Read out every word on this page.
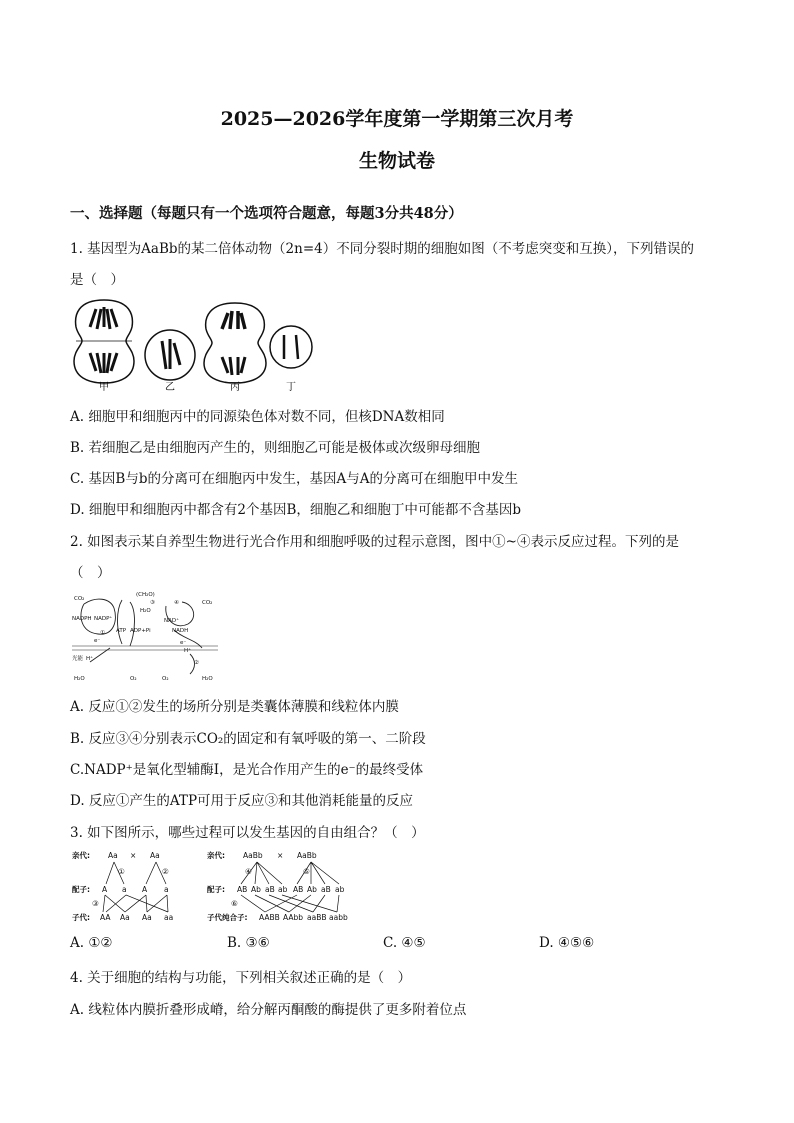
2025—2026学年度第一学期第三次月考
生物试卷
一、选择题（每题只有一个选项符合题意，每题3分共48分）
1. 基因型为AaBb的某二倍体动物（2n=4）不同分裂时期的细胞如图（不考虑突变和互换），下列错误的
是（　）
甲	乙	丙	丁
A. 细胞甲和细胞丙中的同源染色体对数不同，但核DNA数相同
B. 若细胞乙是由细胞丙产生的，则细胞乙可能是极体或次级卵母细胞
C. 基因B与b的分离可在细胞丙中发生，基因A与A的分离可在细胞甲中发生
D. 细胞甲和细胞丙中都含有2个基因B，细胞乙和细胞丁中可能都不含基因b
2. 如图表示某自养型生物进行光合作用和细胞呼吸的过程示意图，图中①~④表示反应过程。下列的是
（　）
CO₂
(CH₂O)
H₂O
③	④	CO₂
NADPH NADP⁺
ATP ADP+Pi
NAD⁺
NADH
e⁻
①
光能 H⁺
H⁺
e⁻
②
H₂O	O₂	O₂	H₂O
A. 反应①②发生的场所分别是类囊体薄膜和线粒体内膜
B. 反应③④分别表示CO₂的固定和有氧呼吸的第一、二阶段
C.NADP⁺是氧化型辅酶Ⅰ，是光合作用产生的e⁻的最终受体
D. 反应①产生的ATP可用于反应③和其他消耗能量的反应
3. 如下图所示，哪些过程可以发生基因的自由组合？（　）
亲代: Aa × Aa
①	②
配子: A a A a
③
子代: AA Aa Aa aa
亲代: AaBb × AaBb
④	⑤
配子: AB Ab aB ab AB Ab aB ab
⑥
子代纯合子: AABB AAbb aaBB aabb
A. ①②	B. ③⑥	C. ④⑤	D. ④⑤⑥
4. 关于细胞的结构与功能，下列相关叙述正确的是（　）
A. 线粒体内膜折叠形成嵴，给分解丙酮酸的酶提供了更多附着位点
